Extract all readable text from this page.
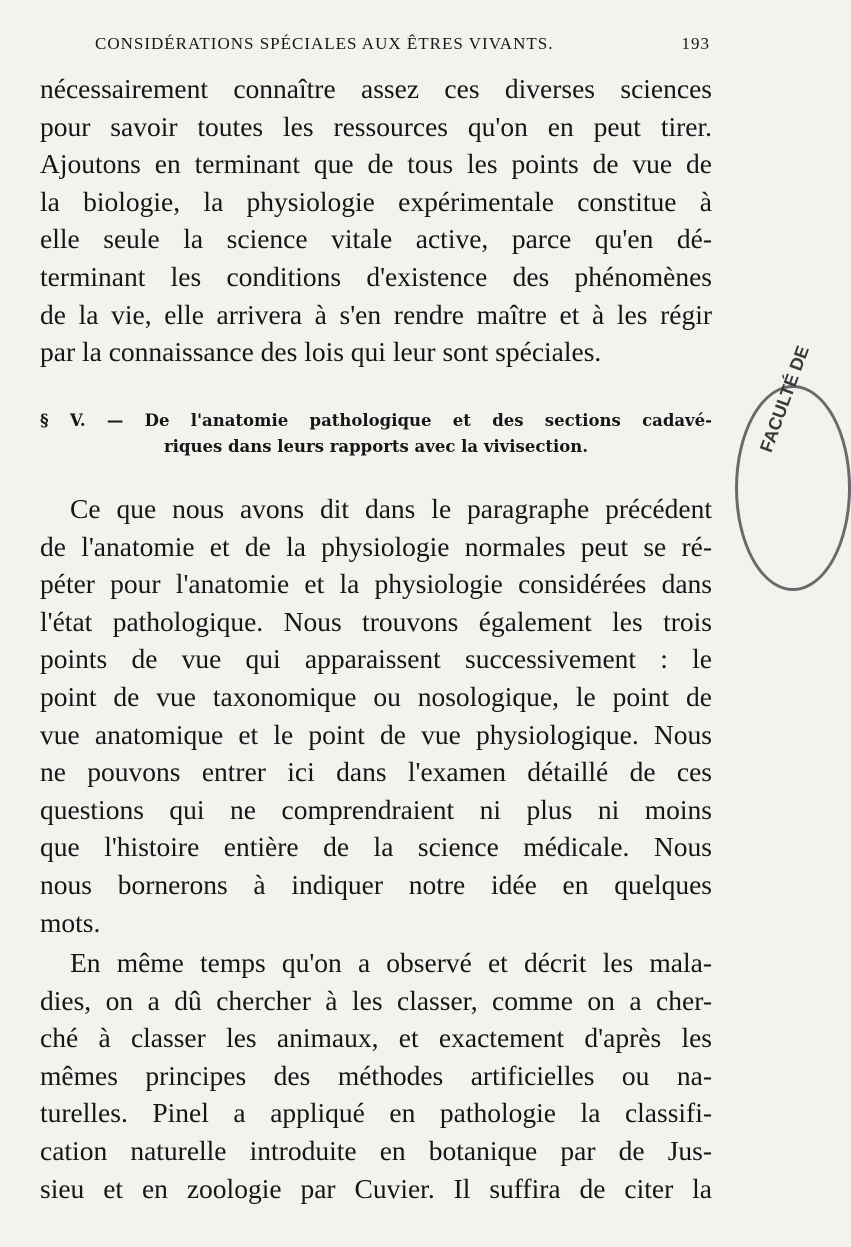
CONSIDÉRATIONS SPÉCIALES AUX ÊTRES VIVANTS.	193
nécessairement connaître assez ces diverses sciences
pour savoir toutes les ressources qu'on en peut tirer.
Ajoutons en terminant que de tous les points de vue de
la biologie, la physiologie expérimentale constitue à
elle seule la science vitale active, parce qu'en dé-
terminant les conditions d'existence des phénomènes
de la vie, elle arrivera à s'en rendre maître et à les régir
par la connaissance des lois qui leur sont spéciales.
§ V. — De l'anatomie pathologique et des sections cadavé-
riques dans leurs rapports avec la vivisection.
Ce que nous avons dit dans le paragraphe précédent
de l'anatomie et de la physiologie normales peut se ré-
péter pour l'anatomie et la physiologie considérées dans
l'état pathologique. Nous trouvons également les trois
points de vue qui apparaissent successivement : le
point de vue taxonomique ou nosologique, le point de
vue anatomique et le point de vue physiologique. Nous
ne pouvons entrer ici dans l'examen détaillé de ces
questions qui ne comprendraient ni plus ni moins
que l'histoire entière de la science médicale. Nous
nous bornerons à indiquer notre idée en quelques
mots.
En même temps qu'on a observé et décrit les mala-
dies, on a dû chercher à les classer, comme on a cher-
ché à classer les animaux, et exactement d'après les
mêmes principes des méthodes artificielles ou na-
turelles. Pinel a appliqué en pathologie la classifi-
cation naturelle introduite en botanique par de Jus-
sieu et en zoologie par Cuvier. Il suffira de citer la
FACULTÉ DE
